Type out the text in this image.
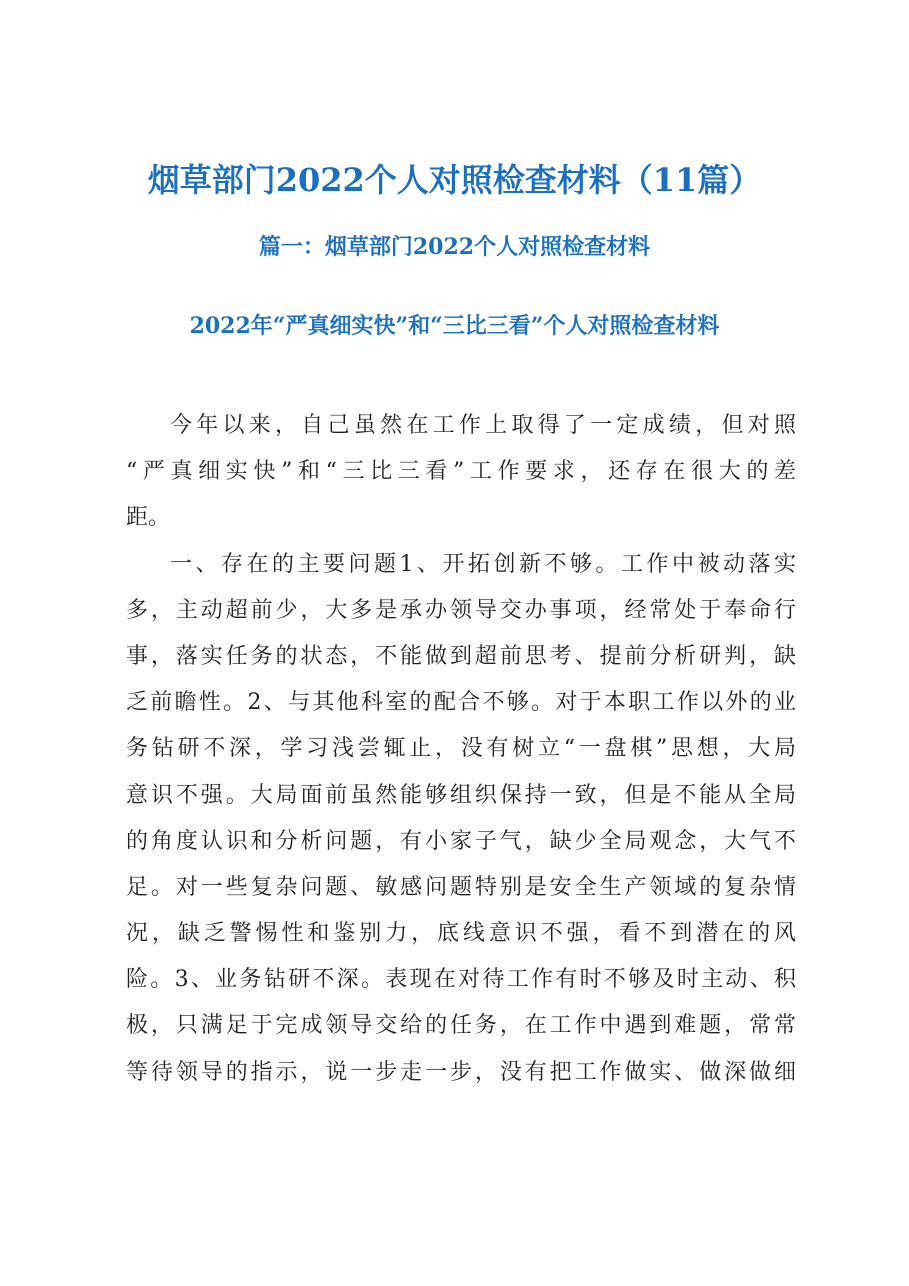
烟草部门2022个人对照检查材料（11篇）
篇一：烟草部门2022个人对照检查材料
2022年“严真细实快”和“三比三看”个人对照检查材料
今年以来，自己虽然在工作上取得了一定成绩，但对照
“严真细实快”和“三比三看”工作要求，还存在很大的差
距。
一、存在的主要问题1、开拓创新不够。工作中被动落实
多，主动超前少，大多是承办领导交办事项，经常处于奉命行
事，落实任务的状态，不能做到超前思考、提前分析研判，缺
乏前瞻性。2、与其他科室的配合不够。对于本职工作以外的业
务钻研不深，学习浅尝辄止，没有树立“一盘棋”思想，大局
意识不强。大局面前虽然能够组织保持一致，但是不能从全局
的角度认识和分析问题，有小家子气，缺少全局观念，大气不
足。对一些复杂问题、敏感问题特别是安全生产领域的复杂情
况，缺乏警惕性和鉴别力，底线意识不强，看不到潜在的风
险。3、业务钻研不深。表现在对待工作有时不够及时主动、积
极，只满足于完成领导交给的任务，在工作中遇到难题，常常
等待领导的指示，说一步走一步，没有把工作做实、做深做细
